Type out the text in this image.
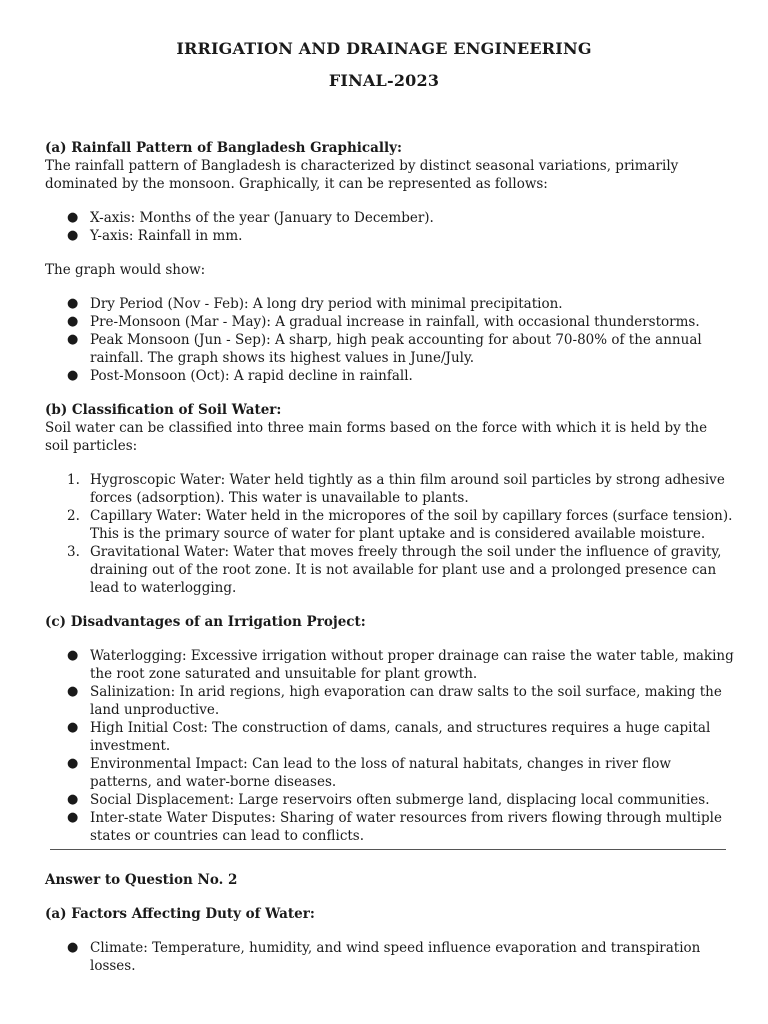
IRRIGATION AND DRAINAGE ENGINEERING
FINAL-2023

(a) Rainfall Pattern of Bangladesh Graphically:

The rainfall pattern of Bangladesh is characterized by distinct seasonal variations, primarily dominated by the monsoon. Graphically, it can be represented as follows:

● X-axis: Months of the year (January to December).
● Y-axis: Rainfall in mm.

The graph would show:

● Dry Period (Nov - Feb): A long dry period with minimal precipitation.
● Pre-Monsoon (Mar - May): A gradual increase in rainfall, with occasional thunderstorms.
● Peak Monsoon (Jun - Sep): A sharp, high peak accounting for about 70-80% of the annual rainfall. The graph shows its highest values in June/July.
● Post-Monsoon (Oct): A rapid decline in rainfall.

(b) Classification of Soil Water:

Soil water can be classified into three main forms based on the force with which it is held by the soil particles:

1. Hygroscopic Water: Water held tightly as a thin film around soil particles by strong adhesive forces (adsorption). This water is unavailable to plants.
2. Capillary Water: Water held in the micropores of the soil by capillary forces (surface tension). This is the primary source of water for plant uptake and is considered available moisture.
3. Gravitational Water: Water that moves freely through the soil under the influence of gravity, draining out of the root zone. It is not available for plant use and a prolonged presence can lead to waterlogging.

(c) Disadvantages of an Irrigation Project:

● Waterlogging: Excessive irrigation without proper drainage can raise the water table, making the root zone saturated and unsuitable for plant growth.
● Salinization: In arid regions, high evaporation can draw salts to the soil surface, making the land unproductive.
● High Initial Cost: The construction of dams, canals, and structures requires a huge capital investment.
● Environmental Impact: Can lead to the loss of natural habitats, changes in river flow patterns, and water-borne diseases.
● Social Displacement: Large reservoirs often submerge land, displacing local communities.
● Inter-state Water Disputes: Sharing of water resources from rivers flowing through multiple states or countries can lead to conflicts.

Answer to Question No. 2

(a) Factors Affecting Duty of Water:

● Climate: Temperature, humidity, and wind speed influence evaporation and transpiration losses.
